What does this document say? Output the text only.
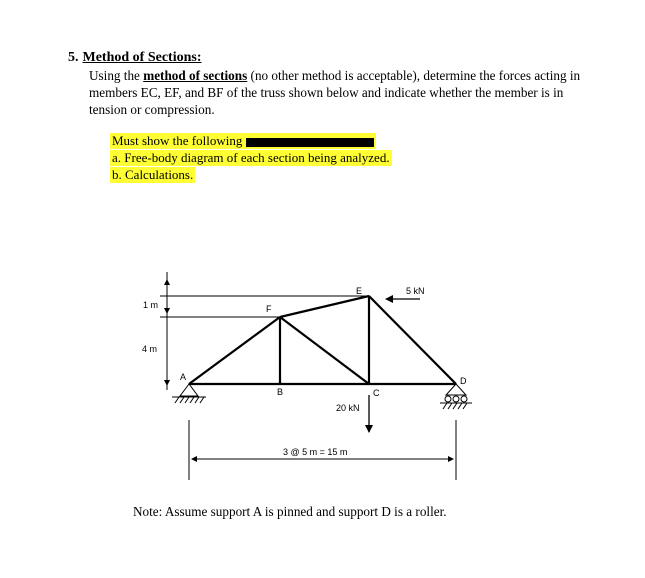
5. Method of Sections:
Using the method of sections (no other method is acceptable), determine the forces acting in members EC, EF, and BF of the truss shown below and indicate whether the member is in tension or compression.
Must show the following
a. Free-body diagram of each section being analyzed.
b. Calculations.
1 m
4 m
A
B	C
D
E
F
5 kN
20 kN
3 @ 5 m = 15 m
Note: Assume support A is pinned and support D is a roller.
